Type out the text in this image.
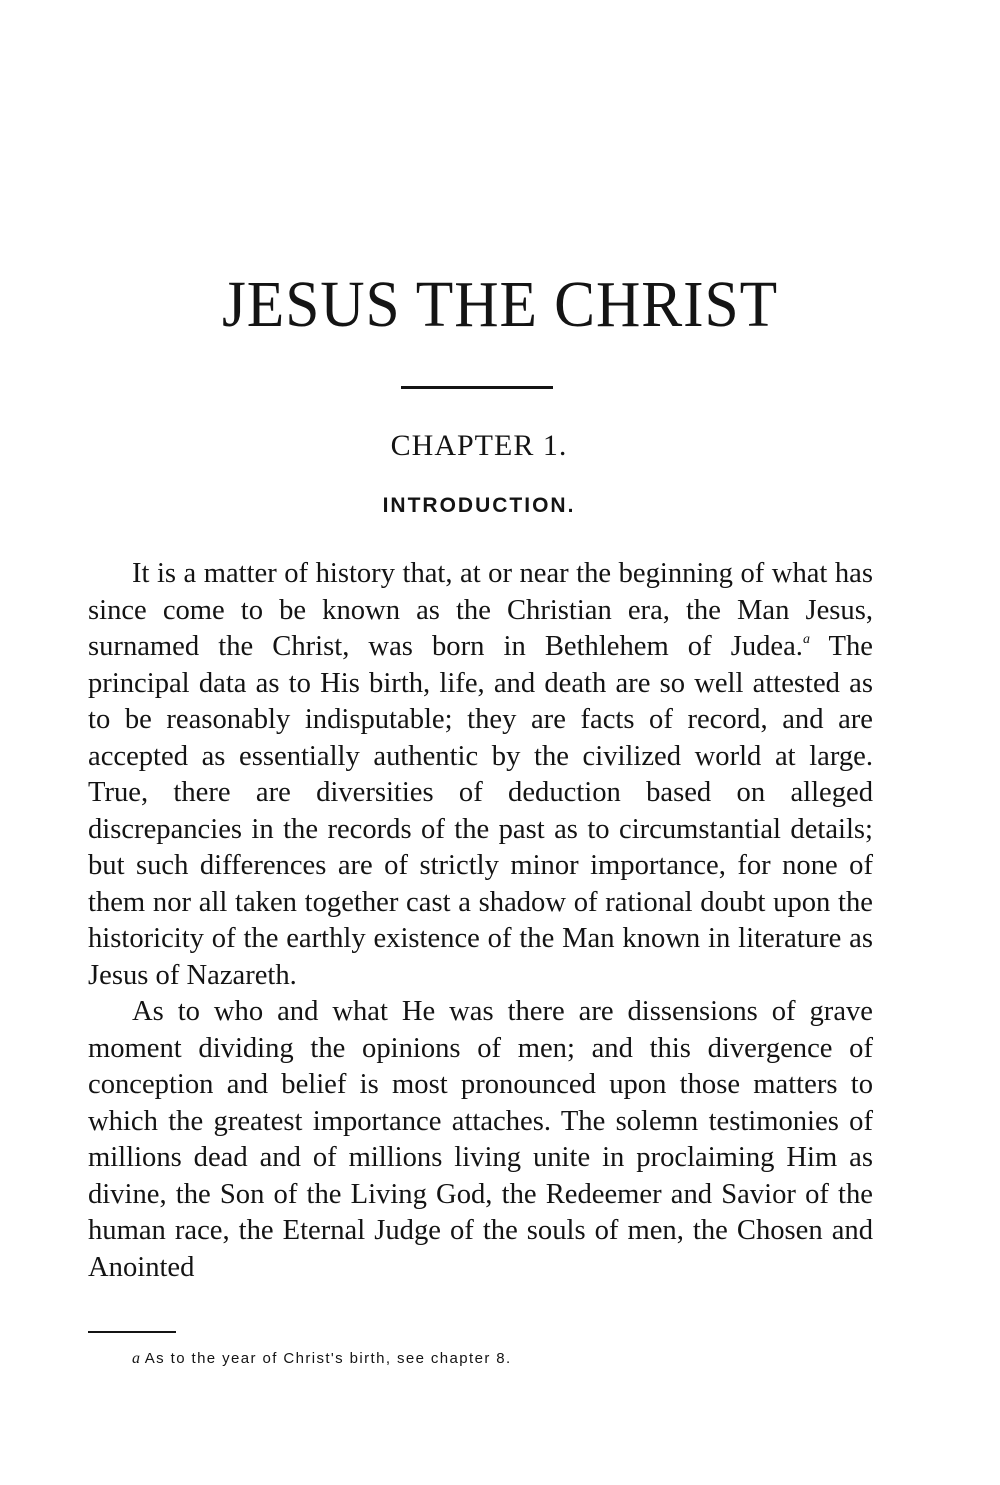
JESUS THE CHRIST
CHAPTER 1.
INTRODUCTION.

It is a matter of history that, at or near the beginning of what has since come to be known as the Christian era, the Man Jesus, surnamed the Christ, was born in Bethlehem of Judea.$^a$ The principal data as to His birth, life, and death are so well attested as to be reasonably indisputable; they are facts of record, and are accepted as essentially authentic by the civilized world at large. True, there are diversities of deduction based on alleged discrepancies in the records of the past as to circumstantial details; but such differences are of strictly minor importance, for none of them nor all taken together cast a shadow of rational doubt upon the historicity of the earthly existence of the Man known in literature as Jesus of Nazareth.

As to who and what He was there are dissensions of grave moment dividing the opinions of men; and this divergence of conception and belief is most pronounced upon those matters to which the greatest importance attaches. The solemn testimonies of millions dead and of millions living unite in proclaiming Him as divine, the Son of the Living God, the Redeemer and Savior of the human race, the Eternal Judge of the souls of men, the Chosen and Anointed

a As to the year of Christ's birth, see chapter 8.
